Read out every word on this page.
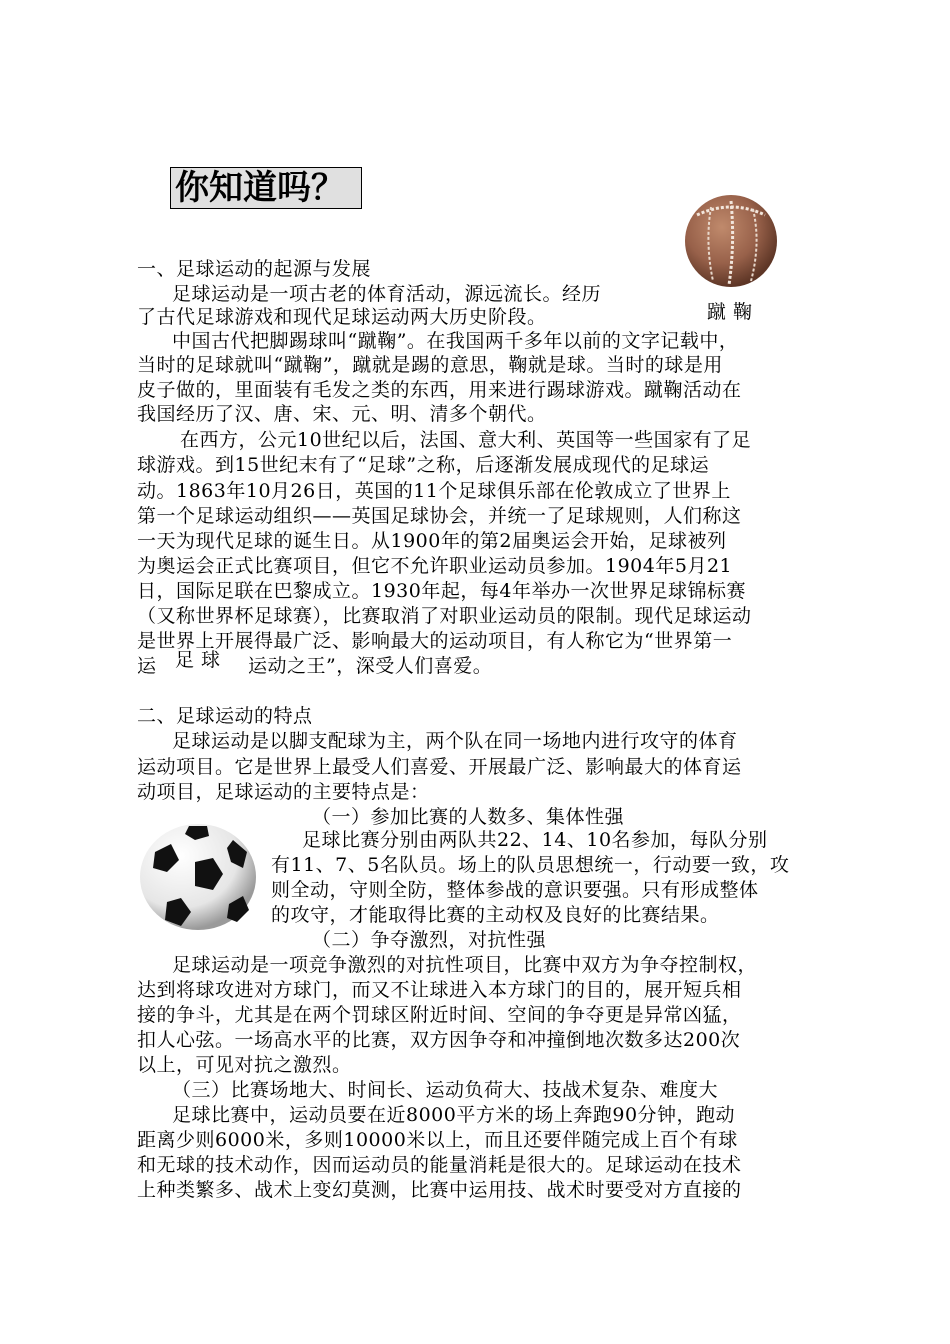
你知道吗？
蹴 鞠
一、足球运动的起源与发展
足球运动是一项古老的体育活动，源远流长。经历
了古代足球游戏和现代足球运动两大历史阶段。
中国古代把脚踢球叫“蹴鞠”。在我国两千多年以前的文字记载中，
当时的足球就叫“蹴鞠”，蹴就是踢的意思，鞠就是球。当时的球是用
皮子做的，里面装有毛发之类的东西，用来进行踢球游戏。蹴鞠活动在
我国经历了汉、唐、宋、元、明、清多个朝代。
在西方，公元10世纪以后，法国、意大利、英国等一些国家有了足
球游戏。到15世纪末有了“足球”之称，后逐渐发展成现代的足球运
动。1863年10月26日，英国的11个足球俱乐部在伦敦成立了世界上
第一个足球运动组织——英国足球协会，并统一了足球规则，人们称这
一天为现代足球的诞生日。从1900年的第2届奥运会开始，足球被列
为奥运会正式比赛项目，但它不允许职业运动员参加。1904年5月21
日，国际足联在巴黎成立。1930年起，每4年举办一次世界足球锦标赛
（又称世界杯足球赛），比赛取消了对职业运动员的限制。现代足球运动
是世界上开展得最广泛、影响最大的运动项目，有人称它为“世界第一
运 足 球 运动之王”，深受人们喜爱。
二、足球运动的特点
足球运动是以脚支配球为主，两个队在同一场地内进行攻守的体育
运动项目。它是世界上最受人们喜爱、开展最广泛、影响最大的体育运
动项目，足球运动的主要特点是：
（一）参加比赛的人数多、集体性强
足球比赛分别由两队共22、14、10名参加，每队分别
有11、7、5名队员。场上的队员思想统一，行动要一致，攻
则全动，守则全防，整体参战的意识要强。只有形成整体
的攻守，才能取得比赛的主动权及良好的比赛结果。
（二）争夺激烈，对抗性强
足球运动是一项竞争激烈的对抗性项目，比赛中双方为争夺控制权，
达到将球攻进对方球门，而又不让球进入本方球门的目的，展开短兵相
接的争斗，尤其是在两个罚球区附近时间、空间的争夺更是异常凶猛，
扣人心弦。一场高水平的比赛，双方因争夺和冲撞倒地次数多达200次
以上，可见对抗之激烈。
（三）比赛场地大、时间长、运动负荷大、技战术复杂、难度大
足球比赛中，运动员要在近8000平方米的场上奔跑90分钟，跑动
距离少则6000米，多则10000米以上，而且还要伴随完成上百个有球
和无球的技术动作，因而运动员的能量消耗是很大的。足球运动在技术
上种类繁多、战术上变幻莫测，比赛中运用技、战术时要受对方直接的
